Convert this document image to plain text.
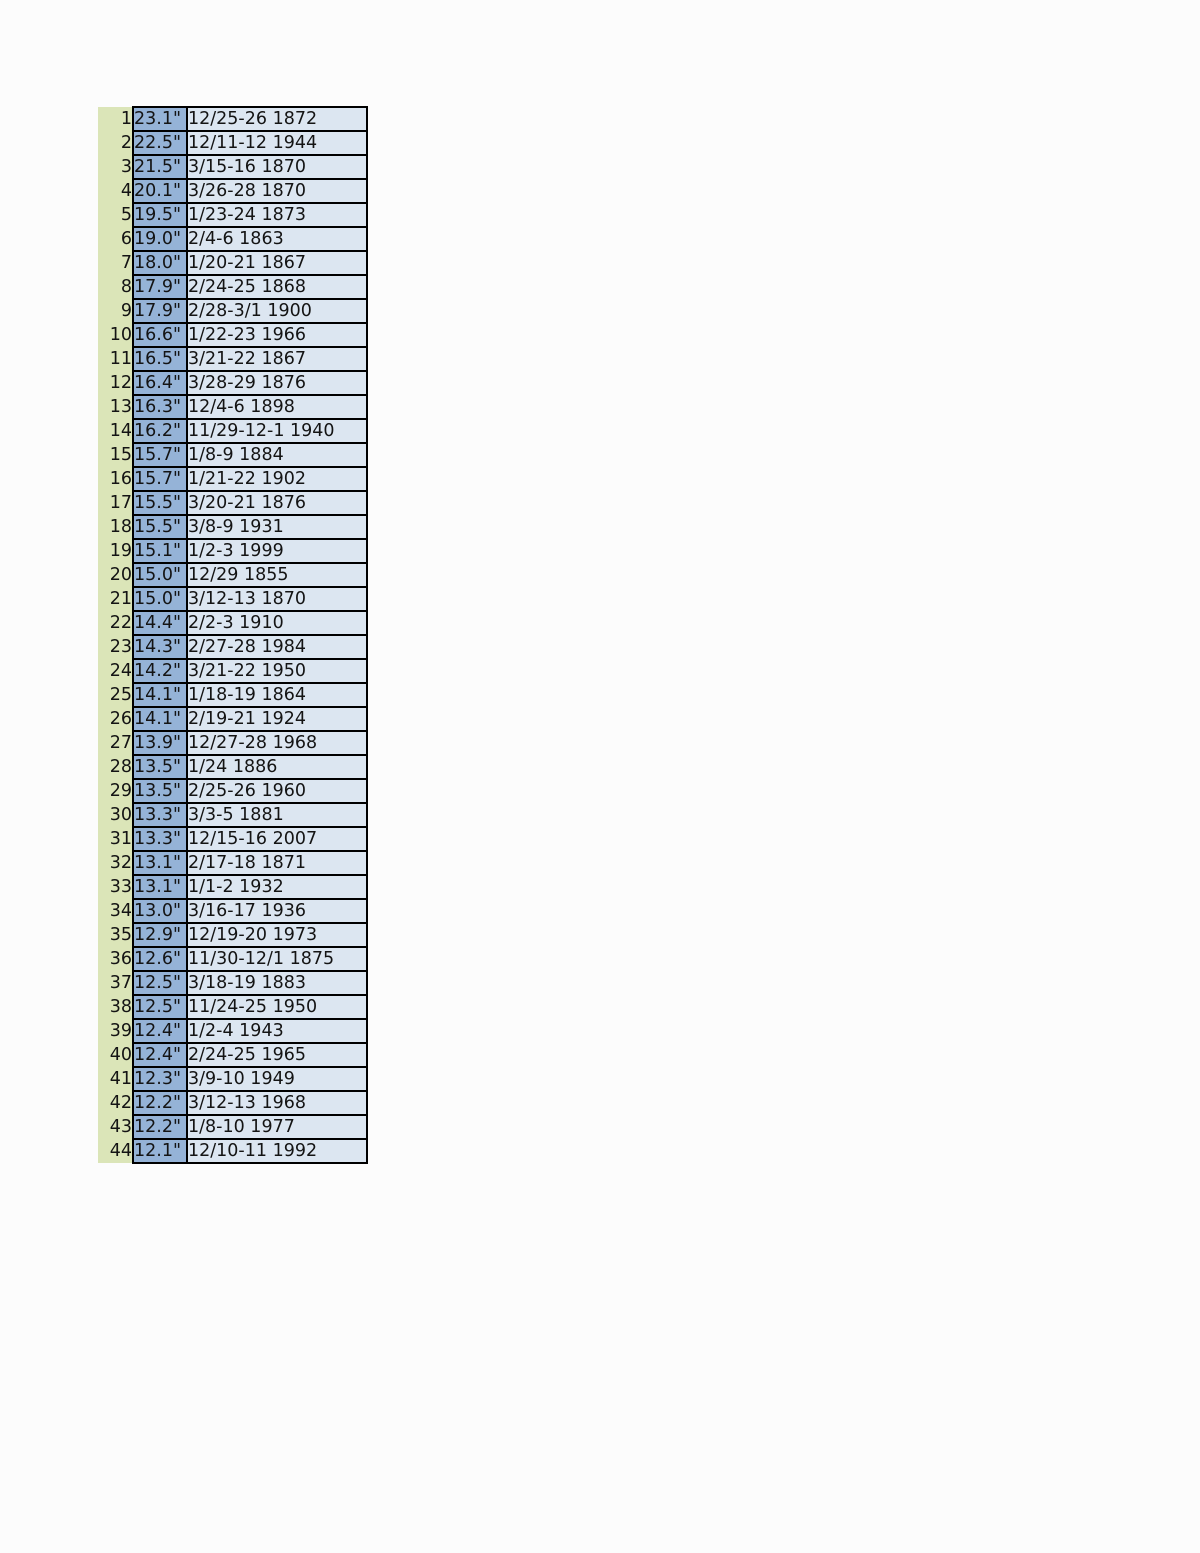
1	23.1"	12/25-26 1872
2	22.5"	12/11-12 1944
3	21.5"	3/15-16 1870
4	20.1"	3/26-28 1870
5	19.5"	1/23-24 1873
6	19.0"	2/4-6 1863
7	18.0"	1/20-21 1867
8	17.9"	2/24-25 1868
9	17.9"	2/28-3/1 1900
10	16.6"	1/22-23 1966
11	16.5"	3/21-22 1867
12	16.4"	3/28-29 1876
13	16.3"	12/4-6 1898
14	16.2"	11/29-12-1 1940
15	15.7"	1/8-9 1884
16	15.7"	1/21-22 1902
17	15.5"	3/20-21 1876
18	15.5"	3/8-9 1931
19	15.1"	1/2-3 1999
20	15.0"	12/29 1855
21	15.0"	3/12-13 1870
22	14.4"	2/2-3 1910
23	14.3"	2/27-28 1984
24	14.2"	3/21-22 1950
25	14.1"	1/18-19 1864
26	14.1"	2/19-21 1924
27	13.9"	12/27-28 1968
28	13.5"	1/24 1886
29	13.5"	2/25-26 1960
30	13.3"	3/3-5 1881
31	13.3"	12/15-16 2007
32	13.1"	2/17-18 1871
33	13.1"	1/1-2 1932
34	13.0"	3/16-17 1936
35	12.9"	12/19-20 1973
36	12.6"	11/30-12/1 1875
37	12.5"	3/18-19 1883
38	12.5"	11/24-25 1950
39	12.4"	1/2-4 1943
40	12.4"	2/24-25 1965
41	12.3"	3/9-10 1949
42	12.2"	3/12-13 1968
43	12.2"	1/8-10 1977
44	12.1"	12/10-11 1992
